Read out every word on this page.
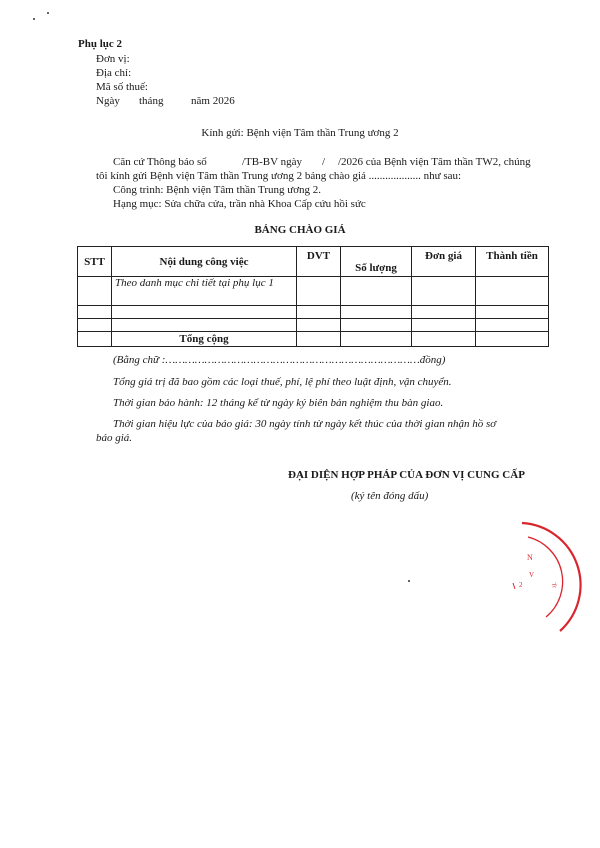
Phụ lục 2
Đơn vị:
Địa chỉ:
Mã số thuế:
Ngày tháng	năm 2026
Kính gửi: Bệnh viện Tâm thần Trung ương 2
Căn cứ Thông báo số	/TB-BV ngày / /2026 của Bệnh viện Tâm thần TW2, chúng
tôi kính gửi Bệnh viện Tâm thần Trung ương 2 bảng chào giá ................... như sau:
Công trình: Bệnh viện Tâm thần Trung ương 2.
Hạng mục: Sửa chữa cửa, trần nhà Khoa Cấp cứu hồi sức
BẢNG CHÀO GIÁ
STT	Nội dung công việc	DVT	Số lượng	Đơn giá	Thành tiền
	Theo danh mục chi tiết tại phụ lục 1				

	Tổng cộng				
(Bằng chữ :……………………………………………………………………đồng)
Tổng giá trị đã bao gồm các loại thuế, phí, lệ phí theo luật định, vận chuyển.
Thời gian bảo hành: 12 tháng kể từ ngày ký biên bản nghiệm thu bàn giao.
Thời gian hiệu lực của báo giá: 30 ngày tính từ ngày kết thúc của thời gian nhận hồ sơ
báo giá.
ĐẠI DIỆN HỢP PHÁP CỦA ĐƠN VỊ CUNG CẤP
(ký tên đóng dấu)
N
V
2	Tr
